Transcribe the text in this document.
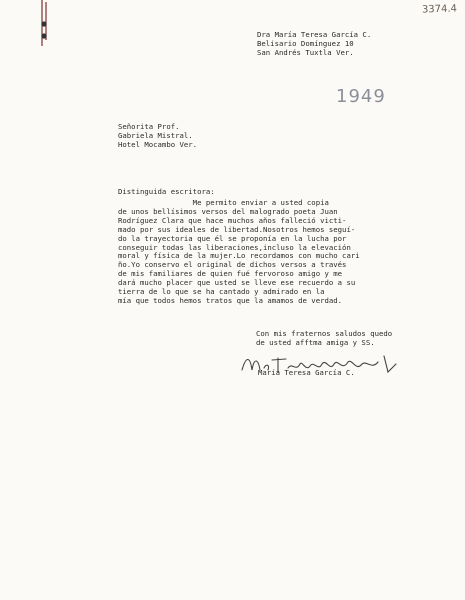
3374.4
Dra María Teresa García C.
Belisario Domínguez 10
San Andrés Tuxtla Ver.
1949
Señorita Prof.
Gabriela Mistral.
Hotel Mocambo Ver.
Distinguida escritora:
Me permito enviar a usted copia
de unos bellísimos versos del malogrado poeta Juan
Rodríguez Clara que hace muchos años falleció victi-
mado por sus ideales de libertad.Nosotros hemos seguí-
do la trayectoria que él se proponía en la lucha por
conseguir todas las liberaciones,incluso la elevación
moral y física de la mujer.Lo recordamos con mucho cari
ño.Yo conservo el original de dichos versos a través
de mis familiares de quien fué fervoroso amigo y me
dará mucho placer que usted se lleve ese recuerdo a su
tierra de lo que se ha cantado y admirado en la
mía que todos hemos tratos que la amamos de verdad.
Con mis fraternos saludos quedo
de usted afftma amiga y SS.
María Teresa García C.
